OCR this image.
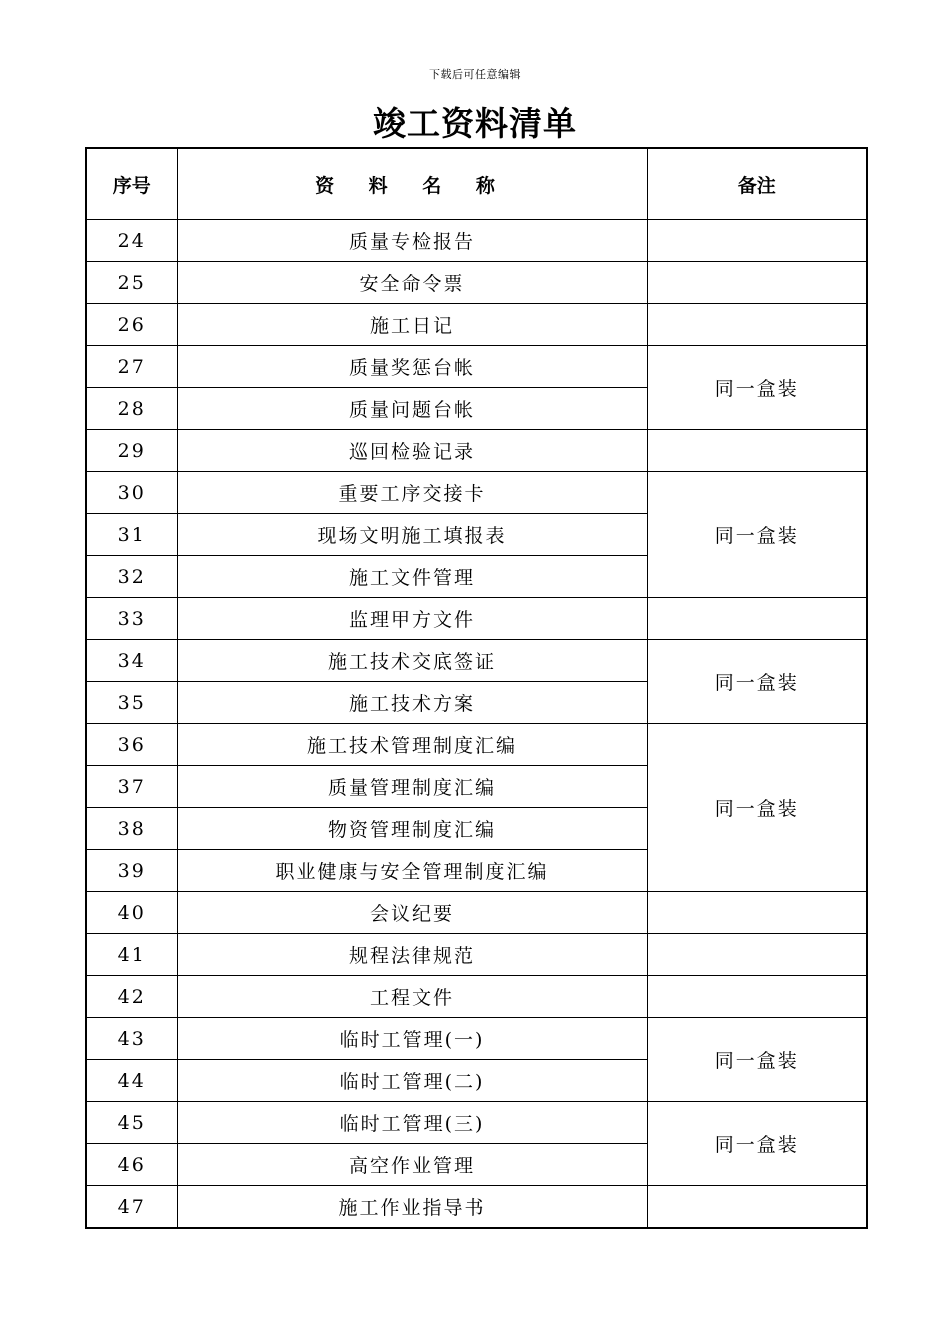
下载后可任意编辑
竣工资料清单
序号	资 料 名 称	备注
24	质量专检报告	
25	安全命令票	
26	施工日记	
27	质量奖惩台帐	同一盒装
28	质量问题台帐	
29	巡回检验记录	
30	重要工序交接卡	同一盒装
31	现场文明施工填报表	
32	施工文件管理	
33	监理甲方文件	
34	施工技术交底签证	同一盒装
35	施工技术方案	
36	施工技术管理制度汇编	同一盒装
37	质量管理制度汇编	
38	物资管理制度汇编	
39	职业健康与安全管理制度汇编	
40	会议纪要	
41	规程法律规范	
42	工程文件	
43	临时工管理(一)	同一盒装
44	临时工管理(二)	
45	临时工管理(三)	同一盒装
46	高空作业管理	
47	施工作业指导书	
